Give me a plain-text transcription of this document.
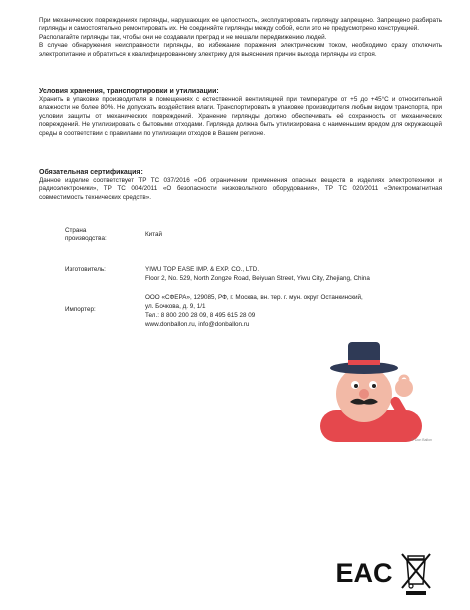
При механических повреждениях гирлянды, нарушающих ее целостность, эксплуатировать гирлянду запрещено. Запрещено разбирать гирлянды и самостоятельно ремонтировать их. Не соединяйте гирлянды между собой, если это не предусмотрено конструкцией.

Располагайте гирлянды так, чтобы они не создавали преград и не мешали передвижению людей.

В случае обнаружения неисправности гирлянды, во избежание поражения электрическим током, необходимо сразу отключить электропитание и обратиться к квалифицированному электрику для выяснения причин выхода гирлянды из строя.

Условия хранения, транспортировки и утилизации:

Хранить в упаковке производителя в помещениях с естественной вентиляцией при температуре от +5 до +45°C и относительной влажности не более 80%. Не допускать воздействия влаги. Транспортировать в упаковке производителя любым видом транспорта, при условии защиты от механических повреждений. Хранение гирлянды должно обеспечивать её сохранность от механических повреждений. Не утилизировать с бытовыми отходами. Гирлянда должна быть утилизирована с наименьшим вредом для окружающей среды в соответствии с правилами по утилизации отходов в Вашем регионе.

Обязательная сертификация:

Данное изделие соответствует ТР ТС 037/2016 «Об ограничении применения опасных веществ в изделиях электротехники и радиоэлектроники», ТР ТС 004/2011 «О безопасности низковольтного оборудования», ТР ТС 020/2011 «Электромагнитная совместимость технических средств».

Страна
производства:
Китай
Изготовитель:	YIWU TOP EASE IMP. & EXP. CO., LTD.

Floor 2, No. 529, North Zongze Road, Beiyuan Street, Yiwu City, Zhejiang, China

Импортер:

ООО «СФЕРА», 129085, РФ, г. Москва, вн. тер. г. мун. округ Останкинский,

ул. Бочкова, д. 9, 1/1

Тел.: 8 800 200 28 09, 8 495 615 28 09

www.donballon.ru, info@donballon.ru

© Don Ballon
EAC
